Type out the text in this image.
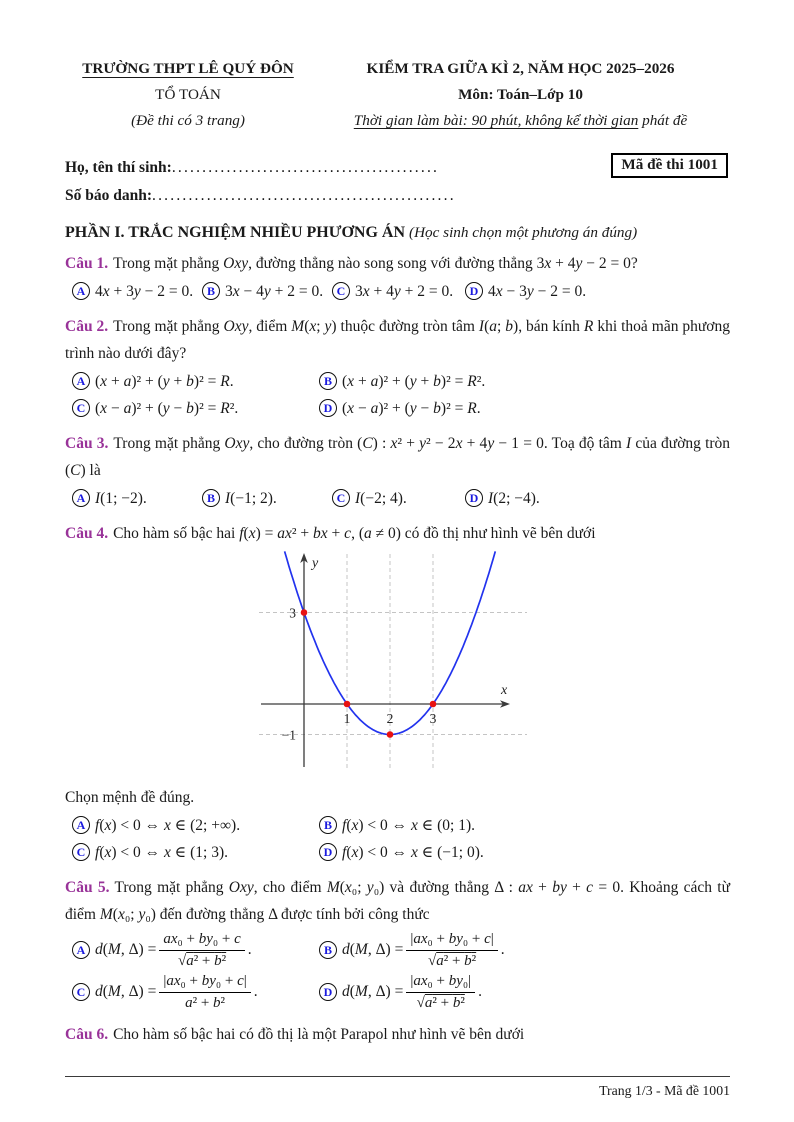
TRƯỜNG THPT LÊ QUÝ ĐÔN
TỔ TOÁN
(Đề thi có 3 trang)
KIỂM TRA GIỮA KÌ 2, NĂM HỌC 2025–2026
Môn: Toán–Lớp 10
Thời gian làm bài: 90 phút, không kể thời gian phát đề
Họ, tên thí sinh:............................................
Số báo danh:..................................................
Mã đề thi 1001
PHẦN I. TRẮC NGHIỆM NHIỀU PHƯƠNG ÁN (Học sinh chọn một phương án đúng)

Câu 1. Trong mặt phẳng Oxy, đường thẳng nào song song với đường thẳng 3x + 4y − 2 = 0?

A 4x + 3y − 2 = 0.	B 3x − 4y + 2 = 0.	C 3x + 4y + 2 = 0.	D 4x − 3y − 2 = 0.

Câu 2. Trong mặt phẳng Oxy, điểm M(x; y) thuộc đường tròn tâm I(a; b), bán kính R khi thoả mãn phương trình nào dưới đây?

A (x + a)² + (y + b)² = R.	B (x + a)² + (y + b)² = R².
C (x − a)² + (y − b)² = R².	D (x − a)² + (y − b)² = R.

Câu 3. Trong mặt phẳng Oxy, cho đường tròn (C) : x² + y² − 2x + 4y − 1 = 0. Toạ độ tâm I của đường tròn (C) là

A I(1; −2).	B I(−1; 2).	C I(−2; 4).	D I(2; −4).

Câu 4. Cho hàm số bậc hai f(x) = ax² + bx + c, (a ≠ 0) có đồ thị như hình vẽ bên dưới

1	2	3
3
−1
x
y

Chọn mệnh đề đúng.

A f(x) < 0 ⇔ x ∈ (2; +∞).	B f(x) < 0 ⇔ x ∈ (0; 1).
C f(x) < 0 ⇔ x ∈ (1; 3).	D f(x) < 0 ⇔ x ∈ (−1; 0).

Câu 5. Trong mặt phẳng Oxy, cho điểm M(x₀; y₀) và đường thẳng Δ : ax + by + c = 0. Khoảng cách từ điểm M(x₀; y₀) đến đường thẳng Δ được tính bởi công thức

A d(M, $\Delta) = \frac{\text{ax₀ + by₀ + c}}{\text{√a² + b²}}$ .	B d(M, $\Delta) = \frac{\text{|ax₀ + by₀ + c|}}{\text{√a² + b²}}$ .
C d(M, $\Delta) = \frac{\text{|ax₀ + by₀ + c|}}{\text{a² + b²}}$ .	D d(M, $\Delta) = \frac{\text{|ax₀ + by₀|}}{\text{√a² + b²}}$ .

Câu 6. Cho hàm số bậc hai có đồ thị là một Parapol như hình vẽ bên dưới

Trang 1/3 - Mã đề 1001
